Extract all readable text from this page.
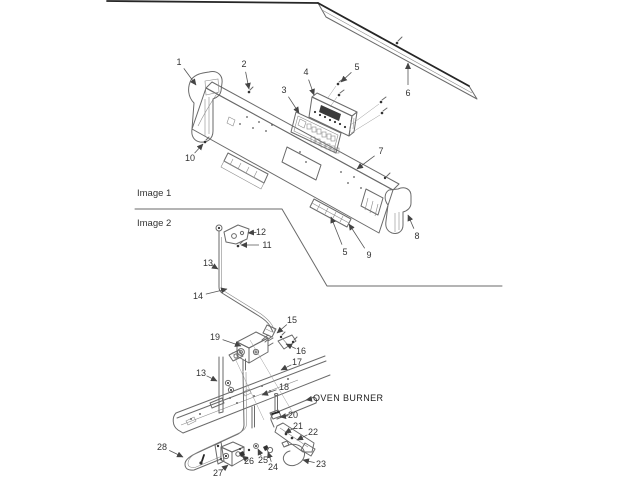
Image 1
Image 2
OVEN BURNER
1	2
3
4	5
6
7
8
5 9
10
12
11
13
14
15
19
16
17
13
18
20
21
22
23
24
25
26
27
28
